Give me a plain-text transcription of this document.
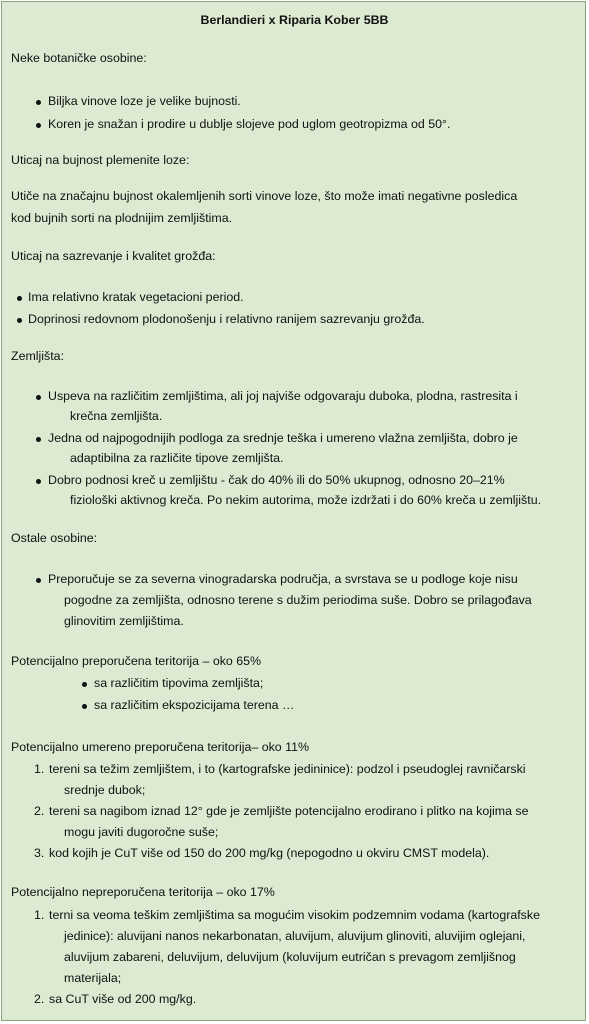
Berlandieri x Riparia Kober 5BB
Neke botaničke osobine:
Biljka vinove loze je velike bujnosti.
Koren je snažan i prodire u dublje slojeve pod uglom geotropizma od 50°.
Uticaj na bujnost plemenite loze:
Utiče na značajnu bujnost okalemljenih sorti vinove loze, što može imati negativne posledica
kod bujnih sorti na plodnijim zemljištima.
Uticaj na sazrevanje i kvalitet grožđa:
Ima relativno kratak vegetacioni period.
Doprinosi redovnom plodonošenju i relativno ranijem sazrevanju grožđa.
Zemljišta:
Uspeva na različitim zemljištima, ali joj najviše odgovaraju duboka, plodna, rastresita i
krečna zemljišta.
Jedna od najpogodnijih podloga za srednje teška i umereno vlažna zemljišta, dobro je
adaptibilna za različite tipove zemljišta.
Dobro podnosi kreč u zemljištu - čak do 40% ili do 50% ukupnog, odnosno 20–21%
fiziološki aktivnog kreča. Po nekim autorima, može izdržati i do 60% kreča u zemljištu.
Ostale osobine:
Preporučuje se za severna vinogradarska područja, a svrstava se u podloge koje nisu
pogodne za zemljišta, odnosno terene s dužim periodima suše. Dobro se prilagođava
glinovitim zemljištima.
Potencijalno preporučena teritorija – oko 65%
sa različitim tipovima zemljišta;
sa različitim ekspozicijama terena …
Potencijalno umereno preporučena teritorija– oko 11%
1. tereni sa težim zemljištem, i to (kartografske jedininice): podzol i pseudoglej ravničarski
srednje dubok;
2. tereni sa nagibom iznad 12° gde je zemljište potencijalno erodirano i plitko na kojima se
mogu javiti dugoročne suše;
3. kod kojih je CuT više od 150 do 200 mg/kg (nepogodno u okviru CMST modela).
Potencijalno nepreporučena teritorija – oko 17%
1. terni sa veoma teškim zemljištima sa mogućim visokim podzemnim vodama (kartografske
jedinice): aluvijani nanos nekarbonatan, aluvijum, aluvijum glinoviti, aluvijim oglejani,
aluvijum zabareni, deluvijum, deluvijum (koluvijum eutričan s prevagom zemljišnog
materijala;
2. sa CuT više od 200 mg/kg.
